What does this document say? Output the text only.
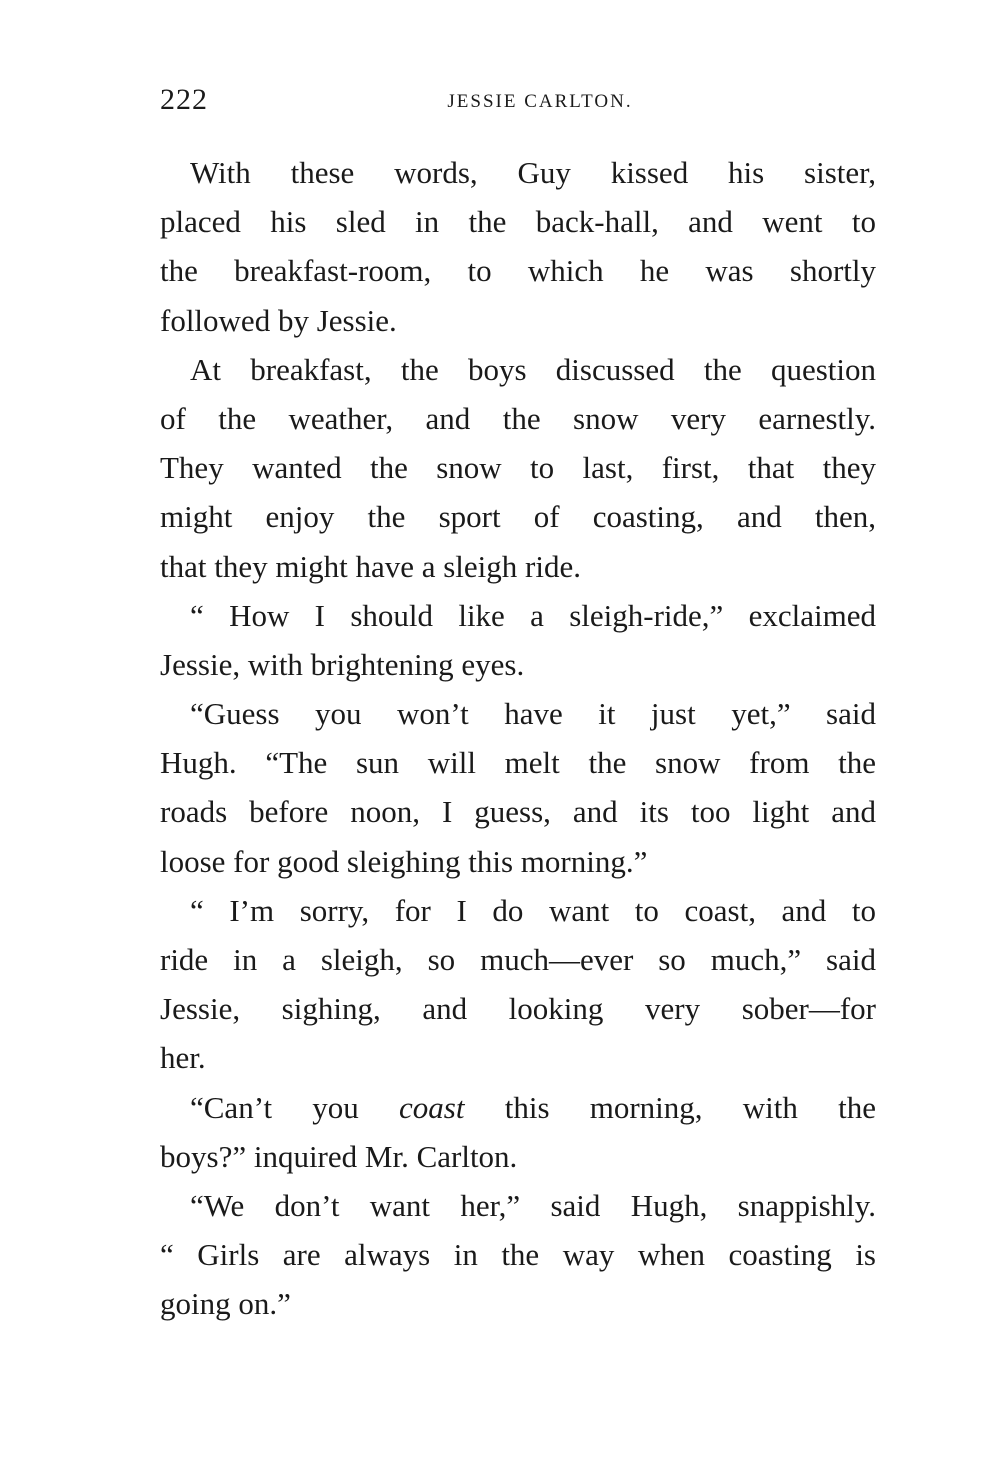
222	JESSIE CARLTON.
With these words, Guy kissed his sister,
placed his sled in the back-hall, and went to
the breakfast-room, to which he was shortly
followed by Jessie.
At breakfast, the boys discussed the question
of the weather, and the snow very earnestly.
They wanted the snow to last, first, that they
might enjoy the sport of coasting, and then,
that they might have a sleigh ride.
“ How I should like a sleigh-ride,” exclaimed
Jessie, with brightening eyes.
“Guess you won’t have it just yet,” said
Hugh. “The sun will melt the snow from the
roads before noon, I guess, and its too light and
loose for good sleighing this morning.”
“ I’m sorry, for I do want to coast, and to
ride in a sleigh, so much—ever so much,” said
Jessie, sighing, and looking very sober—for
her.
“Can’t you coast this morning, with the
boys?” inquired Mr. Carlton.
“We don’t want her,” said Hugh, snappishly.
“ Girls are always in the way when coasting is
going on.”
